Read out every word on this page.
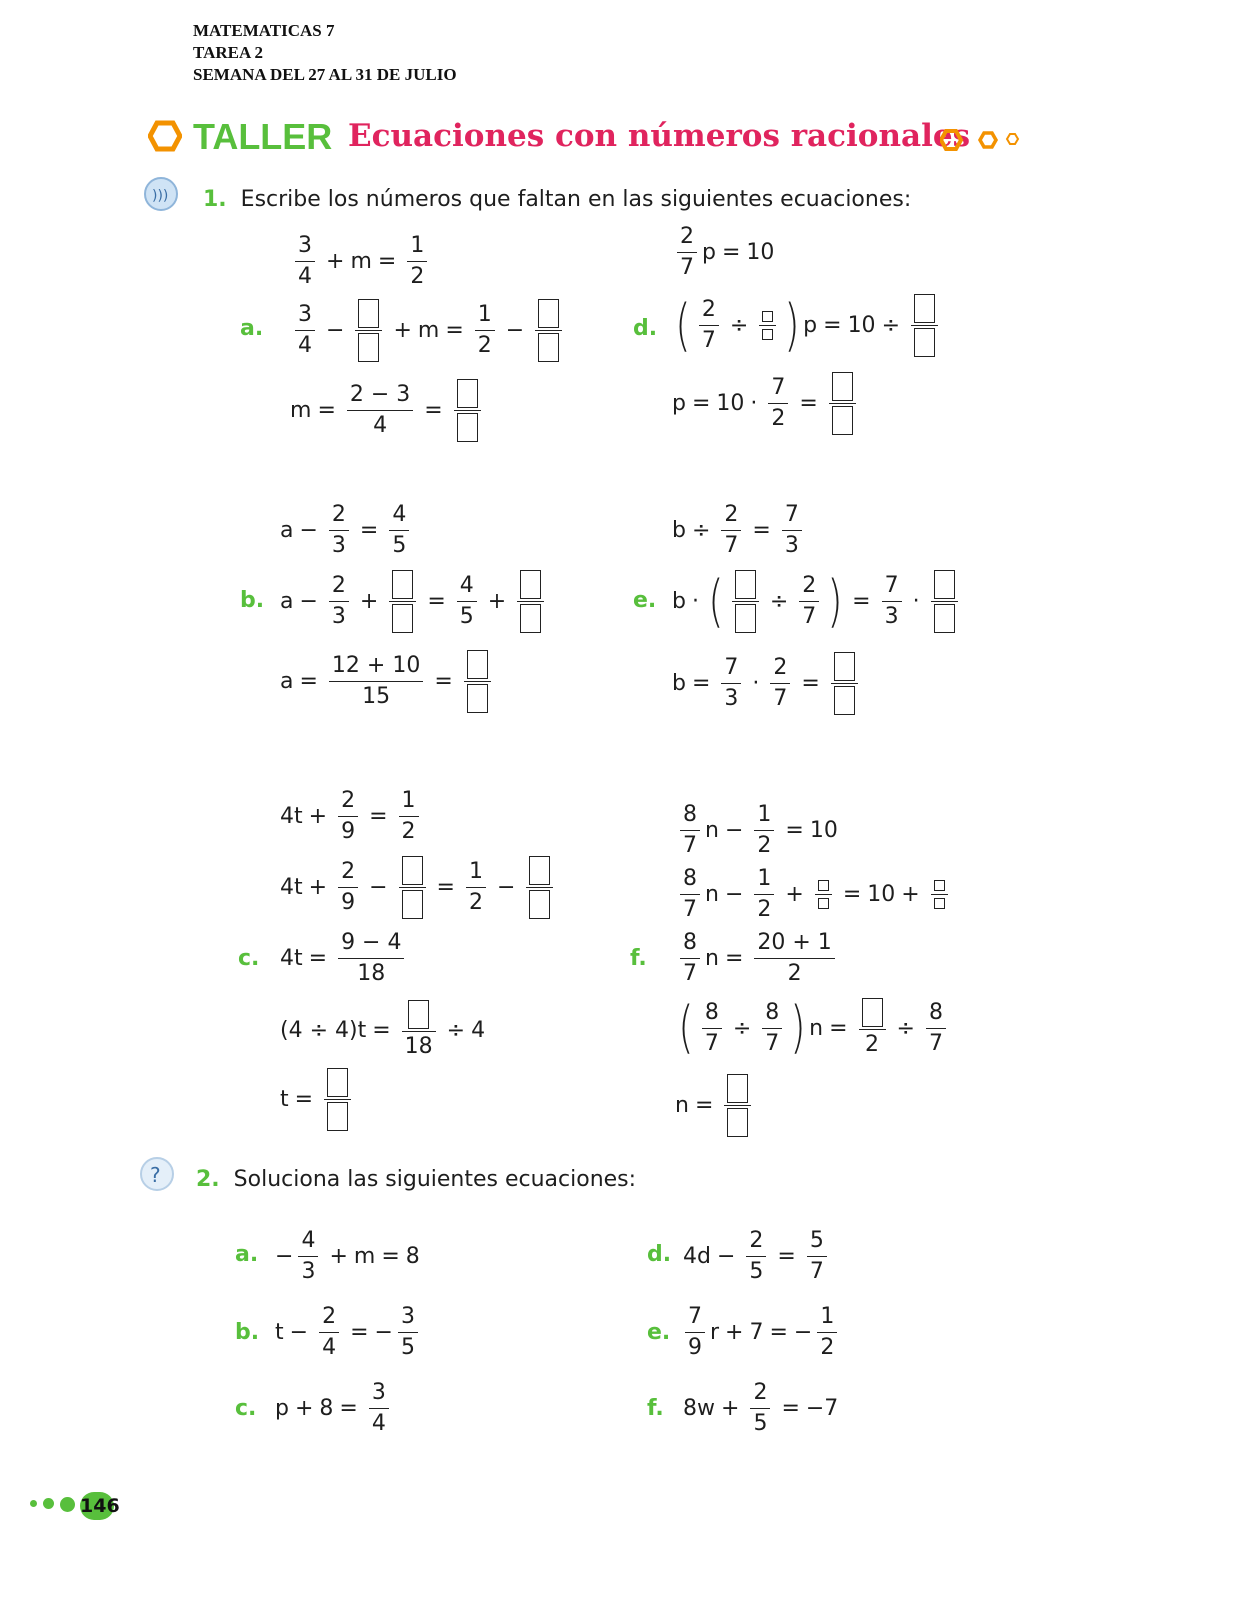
MATEMATICAS 7
TAREA 2
SEMANA DEL 27 AL 31 DE JULIO
TALLER Ecuaciones con números racionales
))) 1. Escribe los números que faltan en las siguientes ecuaciones:
a.
$\frac{3}{4} + m = \frac{1}{2}$
$\frac{3}{4}$ − + $m = \frac{1}{2}$ −
$m = \frac{2 - 3}{4}$ =
d.
$\frac{2}{7}$ p = 10
( $\frac{2}{7}$ ÷ ) p = 10 ÷
$p = 10 \cdot \frac{7}{2}$ =
b.
$a - \frac{2}{3} = \frac{4}{5}$
$a - \frac{2}{3}$ + = $\frac{4}{5}$ +
$a = \frac{12 + 10}{15}$ =
e.
$b \div \frac{2}{7} = \frac{7}{3}$
b · ( ÷ $\frac{2}{7}$ ) = $\frac{7}{3}$ ·
$b = \frac{7}{3} \cdot \frac{2}{7}$ =
c.
$4t + \frac{2}{9} = \frac{1}{2}$
$4t + \frac{2}{9}$ − = $\frac{1}{2}$ −
$4t = \frac{9 - 4}{18}$
(4 ÷ 4)t =
18
÷ 4
t =
f.
$\frac{8}{7}$ $n - \frac{1}{2} = 10$
$\frac{8}{7}$ $n - \frac{1}{2}$ + = 10 +
$\frac{8}{7}$ $n = \frac{20 + 1}{2}$
( $\frac{8}{7} \div \frac{8}{7}$ ) n =
2
÷ $\frac{8}{7}$
n =
? 2. Soluciona las siguientes ecuaciones:
a. − $\frac{4}{3} + m = 8$
b. $t - \frac{2}{4}$ = − $\frac{3}{5}$
c. $p + 8 = \frac{3}{4}$
d. $4d - \frac{2}{5} = \frac{5}{7}$
e. $\frac{7}{9}$ r + 7 = − $\frac{1}{2}$
f. $8w + \frac{2}{5} = -7$
146
